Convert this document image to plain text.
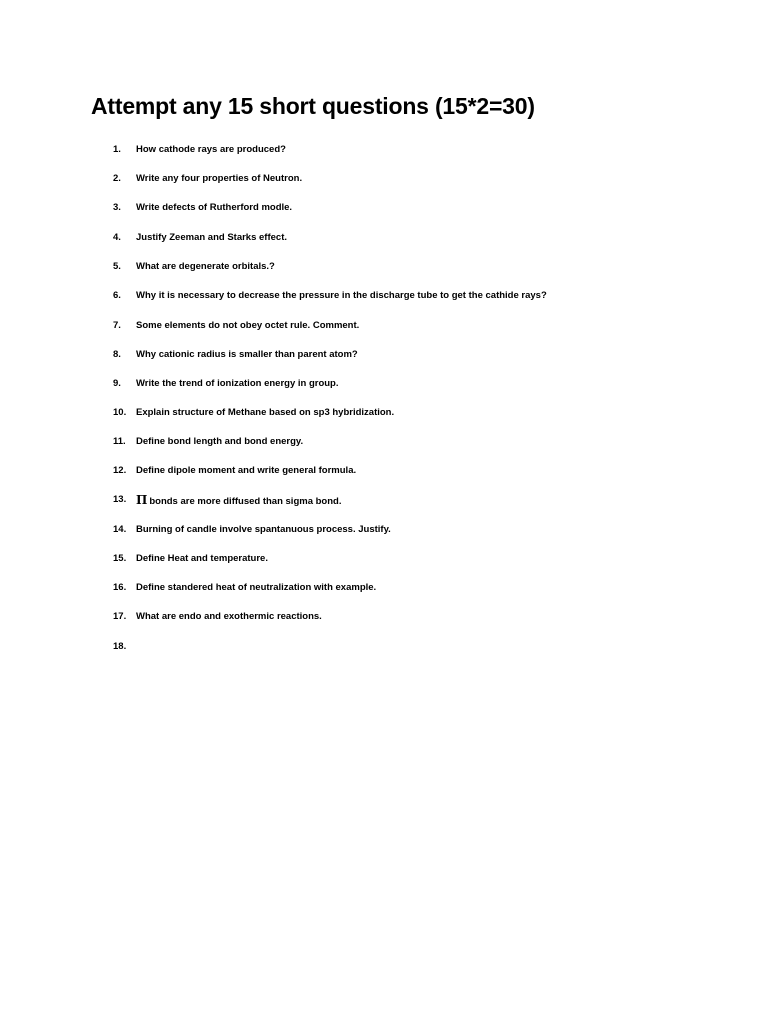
Attempt any 15 short questions (15*2=30)
1. How cathode rays are produced?
2. Write any four properties of Neutron.
3. Write defects of Rutherford modle.
4. Justify Zeeman and Starks effect.
5. What are degenerate orbitals.?
6. Why it is necessary to decrease the pressure in the discharge tube to get the cathide rays?
7. Some elements do not obey octet rule. Comment.
8. Why cationic radius is smaller than parent atom?
9. Write the trend of ionization energy in group.
10. Explain structure of Methane based on sp3 hybridization.
11. Define bond length and bond energy.
12. Define dipole moment and write general formula.
13. Π bonds are more diffused than sigma bond.
14. Burning of candle involve spantanuous process. Justify.
15. Define Heat and temperature.
16. Define standered heat of neutralization with example.
17. What are endo and exothermic reactions.
18.
